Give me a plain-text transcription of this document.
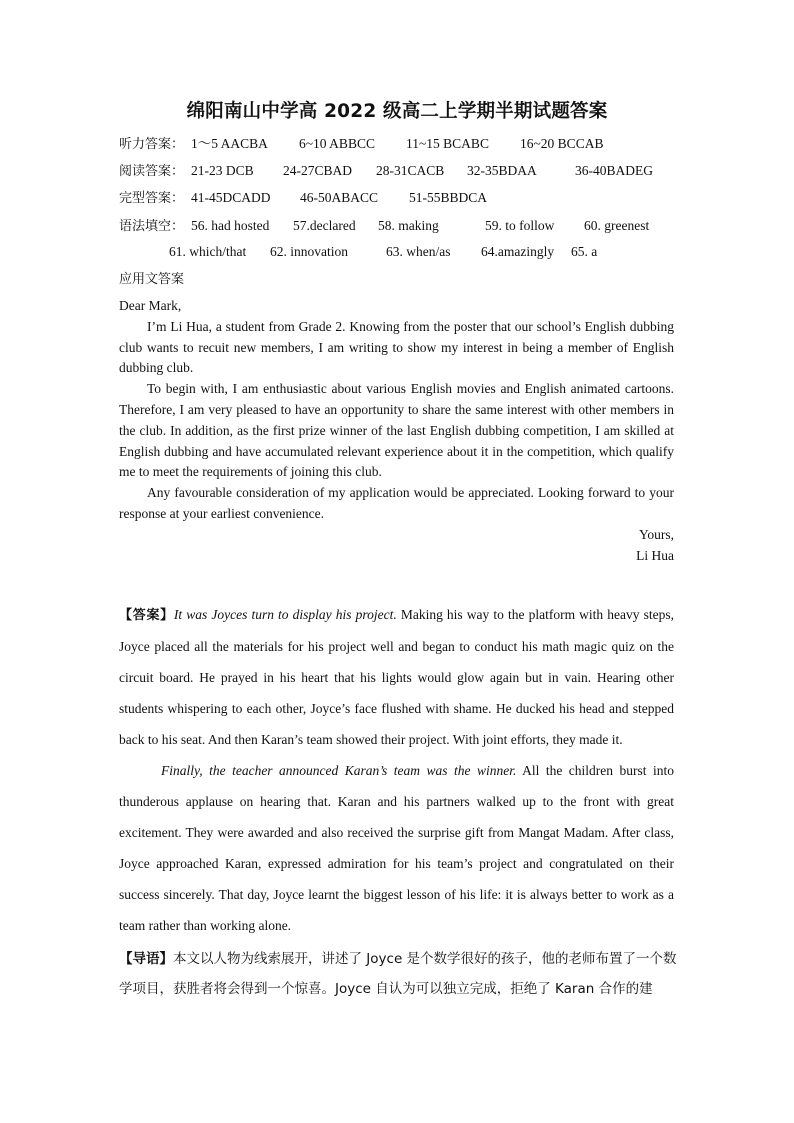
绵阳南山中学高 2022 级高二上学期半期试题答案
听力答案： 1～5 AACBA 6~10 ABBCC 11~15 BCABC 16~20 BCCAB
阅读答案： 21-23 DCB 24-27CBAD 28-31CACB 32-35BDAA	36-40BADEG
完型答案： 41-45DCADD 46-50ABACC 51-55BBDCA
语法填空： 56. had hosted 57.declared 58. making	59. to follow 60. greenest
61. which/that 62. innovation	63. when/as 64.amazingly 65. a
应用文答案

Dear Mark,

I’m Li Hua, a student from Grade 2. Knowing from the poster that our school’s English dubbing club wants to recuit new members, I am writing to show my interest in being a member of English dubbing club.

To begin with, I am enthusiastic about various English movies and English animated cartoons. Therefore, I am very pleased to have an opportunity to share the same interest with other members in the club. In addition, as the first prize winner of the last English dubbing competition, I am skilled at English dubbing and have accumulated relevant experience about it in the competition, which qualify me to meet the requirements of joining this club.

Any favourable consideration of my application would be appreciated. Looking forward to your response at your earliest convenience.

Yours,

Li Hua

【答案】It was Joyces turn to display his project. Making his way to the platform with heavy steps, Joyce placed all the materials for his project well and began to conduct his math magic quiz on the circuit board. He prayed in his heart that his lights would glow again but in vain. Hearing other students whispering to each other, Joyce’s face flushed with shame. He ducked his head and stepped back to his seat. And then Karan’s team showed their project. With joint efforts, they made it.

Finally, the teacher announced Karan’s team was the winner. All the children burst into thunderous applause on hearing that. Karan and his partners walked up to the front with great excitement. They were awarded and also received the surprise gift from Mangat Madam. After class, Joyce approached Karan, expressed admiration for his team’s project and congratulated on their success sincerely. That day, Joyce learnt the biggest lesson of his life: it is always better to work as a team rather than working alone.

【导语】本文以人物为线索展开，讲述了 Joyce 是个数学很好的孩子，他的老师布置了一个数学项目，获胜者将会得到一个惊喜。Joyce 自认为可以独立完成，拒绝了 Karan 合作的建
